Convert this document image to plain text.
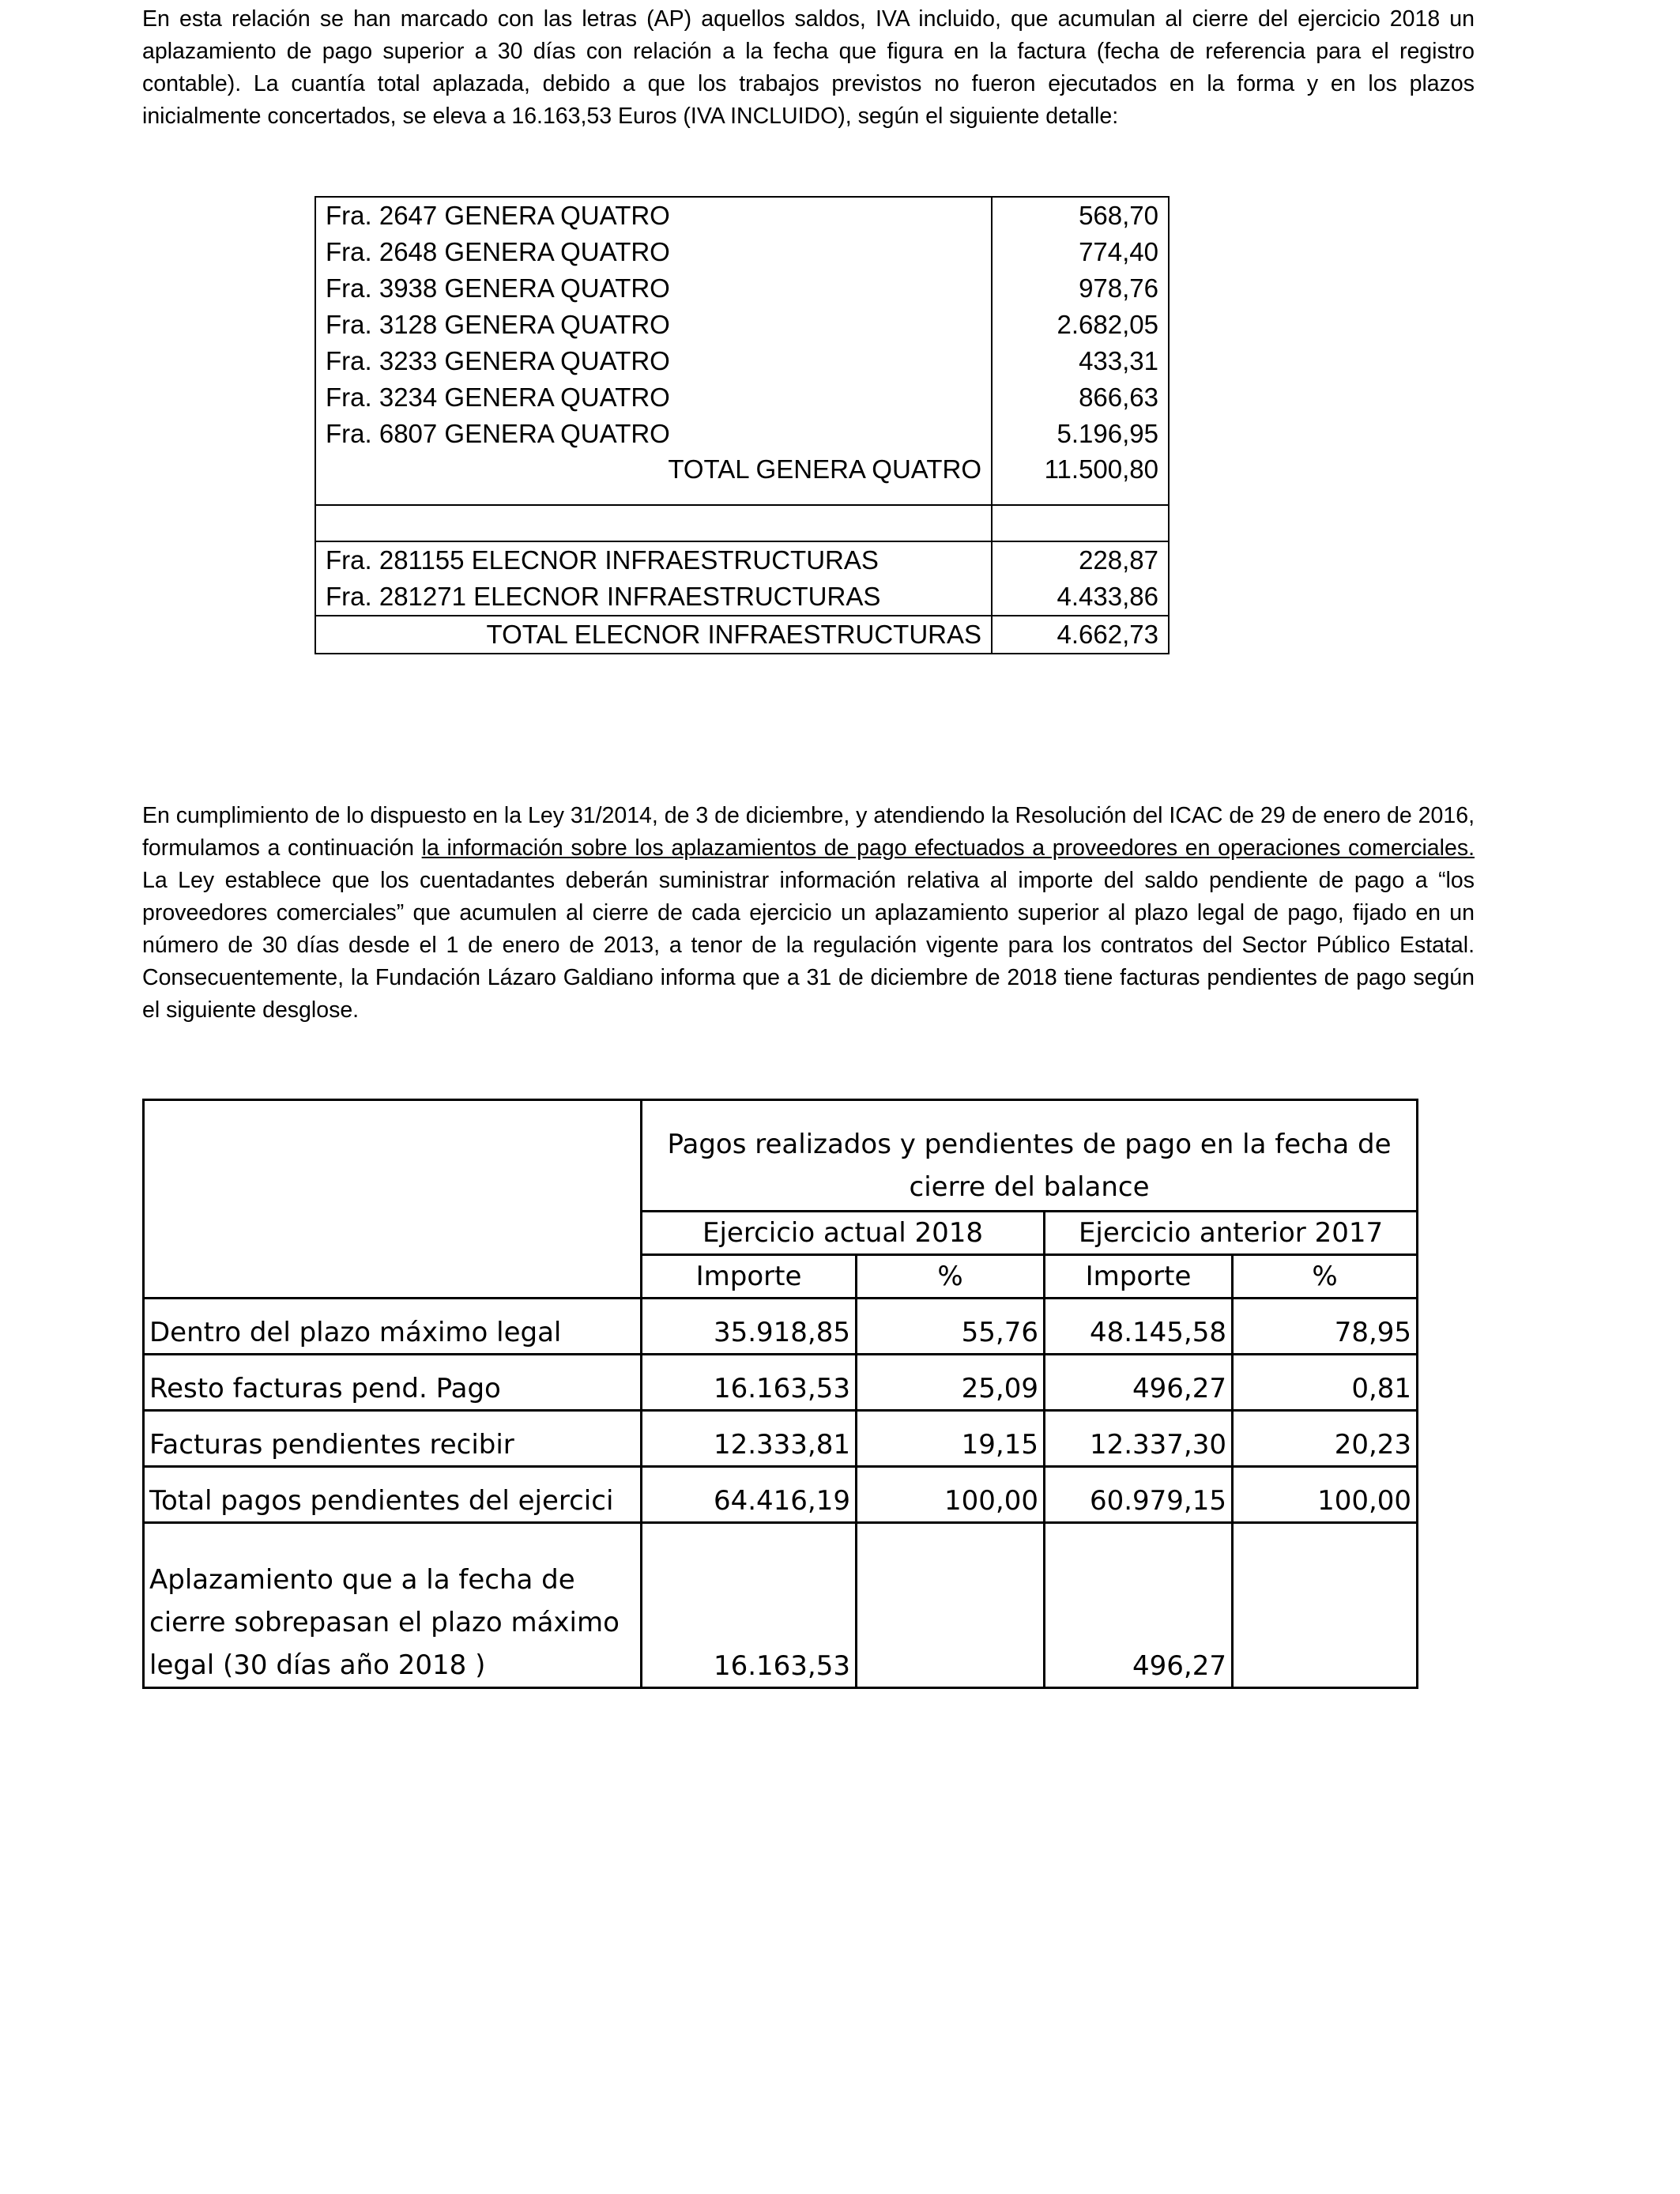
En esta relación se han marcado con las letras (AP) aquellos saldos, IVA incluido, que acumulan al cierre del ejercicio 2018 un aplazamiento de pago superior a 30 días con relación a la fecha que figura en la factura (fecha de referencia para el registro contable). La cuantía total aplazada, debido a que los trabajos previstos no fueron ejecutados en la forma y en los plazos inicialmente concertados, se eleva a 16.163,53 Euros (IVA INCLUIDO), según el siguiente detalle:

Fra. 2647 GENERA QUATRO	568,70
Fra. 2648 GENERA QUATRO	774,40
Fra. 3938 GENERA QUATRO	978,76
Fra. 3128 GENERA QUATRO	2.682,05
Fra. 3233 GENERA QUATRO	433,31
Fra. 3234 GENERA QUATRO	866,63
Fra. 6807 GENERA QUATRO	5.196,95
TOTAL GENERA QUATRO	11.500,80

Fra. 281155 ELECNOR INFRAESTRUCTURAS	228,87
Fra. 281271 ELECNOR INFRAESTRUCTURAS	4.433,86
TOTAL ELECNOR INFRAESTRUCTURAS	4.662,73

En cumplimiento de lo dispuesto en la Ley 31/2014, de 3 de diciembre, y atendiendo la Resolución del ICAC de 29 de enero de 2016, formulamos a continuación la información sobre los aplazamientos de pago efectuados a proveedores en operaciones comerciales. La Ley establece que los cuentadantes deberán suministrar información relativa al importe del saldo pendiente de pago a “los proveedores comerciales” que acumulen al cierre de cada ejercicio un aplazamiento superior al plazo legal de pago, fijado en un número de 30 días desde el 1 de enero de 2013, a tenor de la regulación vigente para los contratos del Sector Público Estatal. Consecuentemente, la Fundación Lázaro Galdiano informa que a 31 de diciembre de 2018 tiene facturas pendientes de pago según el siguiente desglose.

	Pagos realizados y pendientes de pago en la fecha de cierre del balance			
	Ejercicio actual 2018		Ejercicio anterior 2017	
	Importe	%	Importe	%
Dentro del plazo máximo legal	35.918,85	55,76	48.145,58	78,95
Resto facturas pend. Pago	16.163,53	25,09	496,27	0,81
Facturas pendientes recibir	12.333,81	19,15	12.337,30	20,23
Total pagos pendientes del ejercici	64.416,19	100,00	60.979,15	100,00
Aplazamiento que a la fecha de cierre sobrepasan el plazo máximo legal (30 días año 2018 )	16.163,53		496,27	
